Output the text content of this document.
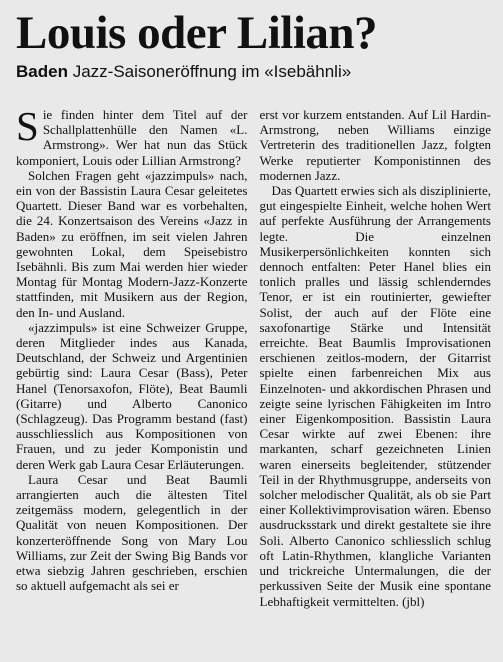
Louis oder Lilian?
Baden Jazz-Saisoneröffnung im «Isebähnli»

Sie finden hinter dem Titel auf der Schallplattenhülle den Namen «L. Armstrong». Wer hat nun das Stück komponiert, Louis oder Lillian Armstrong?

Solchen Fragen geht «jazzimpuls» nach, ein von der Bassistin Laura Cesar geleitetes Quartett. Dieser Band war es vorbehalten, die 24. Konzertsaison des Vereins «Jazz in Baden» zu eröffnen, im seit vielen Jahren gewohnten Lokal, dem Speisebistro Isebähnli. Bis zum Mai werden hier wieder Montag für Montag Modern-Jazz-Konzerte stattfinden, mit Musikern aus der Region, den In- und Ausland.

«jazzimpuls» ist eine Schweizer Gruppe, deren Mitglieder indes aus Kanada, Deutschland, der Schweiz und Argentinien gebürtig sind: Laura Cesar (Bass), Peter Hanel (Tenorsaxofon, Flöte), Beat Baumli (Gitarre) und Alberto Canonico (Schlagzeug). Das Programm bestand (fast) ausschliesslich aus Kompositionen von Frauen, und zu jeder Komponistin und deren Werk gab Laura Cesar Erläuterungen.

Laura Cesar und Beat Baumli arrangierten auch die ältesten Titel zeitgemäss modern, gelegentlich in der Qualität von neuen Kompositionen. Der konzerteröffnende Song von Mary Lou Williams, zur Zeit der Swing Big Bands vor etwa siebzig Jahren geschrieben, erschien so aktuell aufgemacht als sei er

erst vor kurzem entstanden. Auf Lil Hardin-Armstrong, neben Williams einzige Vertreterin des traditionellen Jazz, folgten Werke reputierter Komponistinnen des modernen Jazz.

Das Quartett erwies sich als disziplinierte, gut eingespielte Einheit, welche hohen Wert auf perfekte Ausführung der Arrangements legte. Die einzelnen Musikerpersönlichkeiten konnten sich dennoch entfalten: Peter Hanel blies ein tonlich pralles und lässig schlenderndes Tenor, er ist ein routinierter, gewiefter Solist, der auch auf der Flöte eine saxofonartige Stärke und Intensität erreichte. Beat Baumlis Improvisationen erschienen zeitlos-modern, der Gitarrist spielte einen farbenreichen Mix aus Einzelnoten- und akkordischen Phrasen und zeigte seine lyrischen Fähigkeiten im Intro einer Eigenkomposition. Bassistin Laura Cesar wirkte auf zwei Ebenen: ihre markanten, scharf gezeichneten Linien waren einerseits begleitender, stützender Teil in der Rhythmusgruppe, anderseits von solcher melodischer Qualität, als ob sie Part einer Kollektivimprovisation wären. Ebenso ausdrucksstark und direkt gestaltete sie ihre Soli. Alberto Canonico schliesslich schlug oft Latin-Rhythmen, klangliche Varianten und trickreiche Untermalungen, die der perkussiven Seite der Musik eine spontane Lebhaftigkeit vermittelten. (jbl)
